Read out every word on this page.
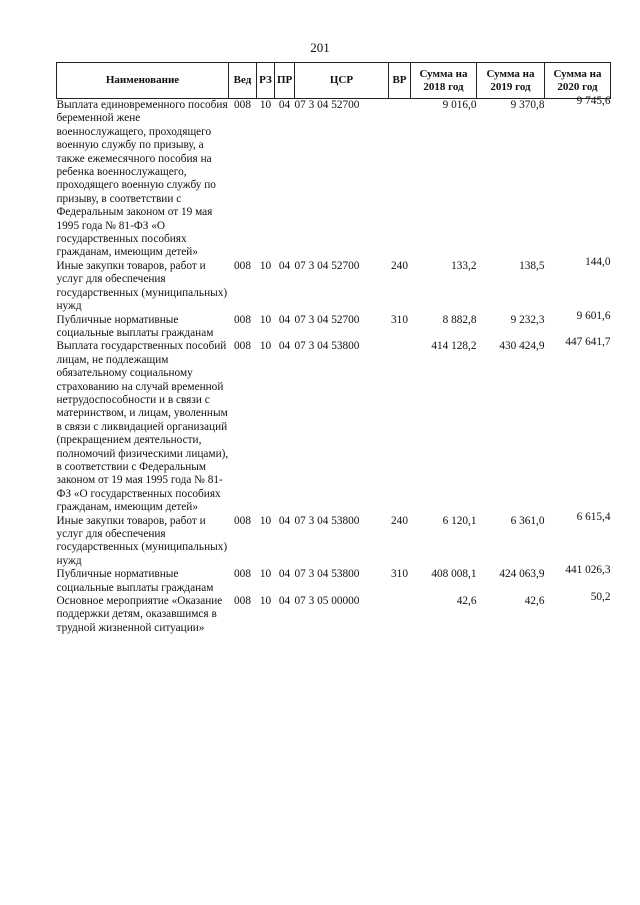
201
Наименование	Вед	РЗ	ПР	ЦСР	ВР	Сумма на 2018 год	Сумма на 2019 год	Сумма на 2020 год
Выплата единовременного пособия беременной жене военнослужащего, проходящего военную службу по призыву, а также ежемесячного пособия на ребенка военнослужащего, проходящего военную службу по призыву, в соответствии с Федеральным законом от 19 мая 1995 года № 81-ФЗ «О государственных пособиях гражданам, имеющим детей»	008	10	04	07 3 04 52700		9 016,0	9 370,8	9 745,6
Иные закупки товаров, работ и услуг для обеспечения государственных (муниципальных) нужд	008	10	04	07 3 04 52700	240	133,2	138,5	144,0
Публичные нормативные социальные выплаты гражданам	008	10	04	07 3 04 52700	310	8 882,8	9 232,3	9 601,6
Выплата государственных пособий лицам, не подлежащим обязательному социальному страхованию на случай временной нетрудоспособности и в связи с материнством, и лицам, уволенным в связи с ликвидацией организаций (прекращением деятельности, полномочий физическими лицами), в соответствии с Федеральным законом от 19 мая 1995 года № 81-ФЗ «О государственных пособиях гражданам, имеющим детей»	008	10	04	07 3 04 53800		414 128,2	430 424,9	447 641,7
Иные закупки товаров, работ и услуг для обеспечения государственных (муниципальных) нужд	008	10	04	07 3 04 53800	240	6 120,1	6 361,0	6 615,4
Публичные нормативные социальные выплаты гражданам	008	10	04	07 3 04 53800	310	408 008,1	424 063,9	441 026,3
Основное мероприятие «Оказание поддержки детям, оказавшимся в трудной жизненной ситуации»	008	10	04	07 3 05 00000		42,6	42,6	50,2
